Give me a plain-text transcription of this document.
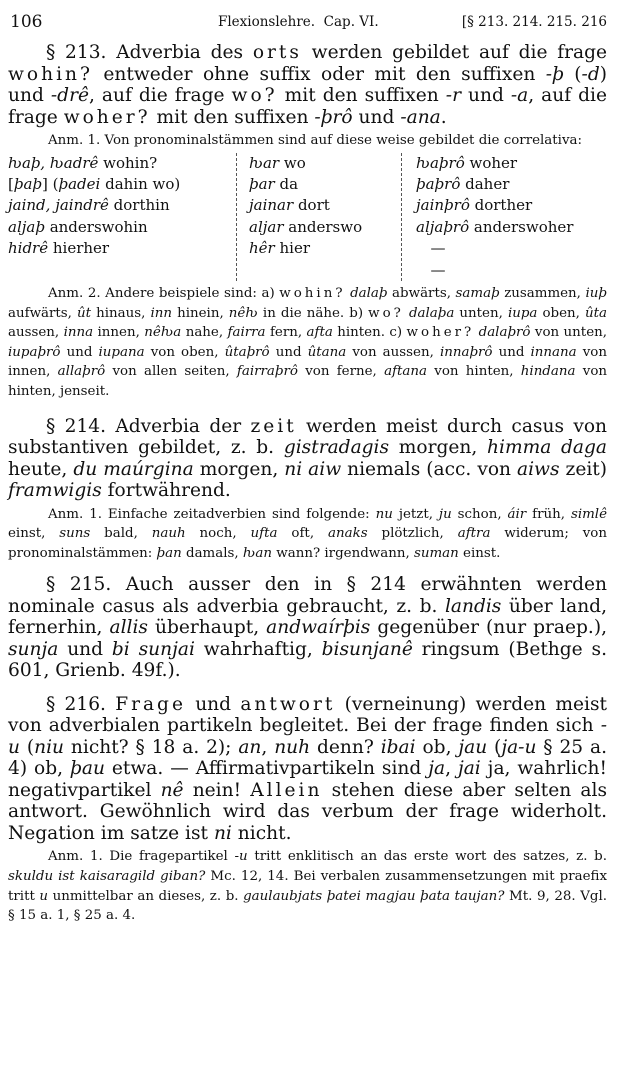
106	Flexionslehre.  Cap. VI.	[§ 213. 214. 215. 216

§ 213. Adverbia des orts werden gebildet auf die frage wohin? entweder ohne suffix oder mit den suffixen -þ (-d) und -drê, auf die frage wo? mit den suffixen -r und -a, auf die frage woher? mit den suffixen -þrô und -ana.

Anm. 1. Von pronominalstämmen sind auf diese weise gebildet die correlativa:

ƕaþ, ƕadrê wohin?
[þaþ] (þadei dahin wo)
jaind, jaindrê dorthin
aljaþ anderswohin
hidrê hierher
ƕar wo
þar da
jainar dort
aljar anderswo
hêr hier
ƕaþrô woher
þaþrô daher
jainþrô dorther
aljaþrô anderswoher
——

Anm. 2. Andere beispiele sind: a) wohin? dalaþ abwärts, samaþ zusammen, iuþ aufwärts, ût hinaus, inn hinein, nêƕ in die nähe. b) wo? dalaþa unten, iupa oben, ûta aussen, inna innen, nêƕa nahe, fairra fern, afta hinten. c) woher? dalaþrô von unten, iupaþrô und iupana von oben, ûtaþrô und ûtana von aussen, innaþrô und innana von innen, allaþrô von allen seiten, fairraþrô von ferne, aftana von hinten, hindana von hinten, jenseit.

§ 214. Adverbia der zeit werden meist durch casus von substantiven gebildet, z. b. gistradagis morgen, himma daga heute, du maúrgina morgen, ni aiw niemals (acc. von aiws zeit) framwigis fortwährend.

Anm. 1. Einfache zeitadverbien sind folgende: nu jetzt, ju schon, áir früh, simlê einst, suns bald, nauh noch, ufta oft, anaks plötzlich, aftra widerum; von pronominalstämmen: þan damals, ƕan wann? irgendwann, suman einst.

§ 215. Auch ausser den in § 214 erwähnten werden nominale casus als adverbia gebraucht, z. b. landis über land, fernerhin, allis überhaupt, andwaírþis gegenüber (nur praep.), sunja und bi sunjai wahrhaftig, bisunjanê ringsum (Bethge s. 601, Grienb. 49f.).

§ 216. Frage und antwort (verneinung) werden meist von adverbialen partikeln begleitet. Bei der frage finden sich -u (niu nicht? § 18 a. 2); an, nuh denn? ibai ob, jau (ja-u § 25 a. 4) ob, þau etwa. — Affirmativpartikeln sind ja, jai ja, wahrlich! negativpartikel nê nein! Allein stehen diese aber selten als antwort. Gewöhnlich wird das verbum der frage widerholt. Negation im satze ist ni nicht.

Anm. 1. Die fragepartikel -u tritt enklitisch an das erste wort des satzes, z. b. skuldu ist kaisaragild giban? Mc. 12, 14. Bei verbalen zusammensetzungen mit praefix tritt u unmittelbar an dieses, z. b. gaulaubjats þatei magjau þata taujan? Mt. 9, 28. Vgl. § 15 a. 1, § 25 a. 4.
